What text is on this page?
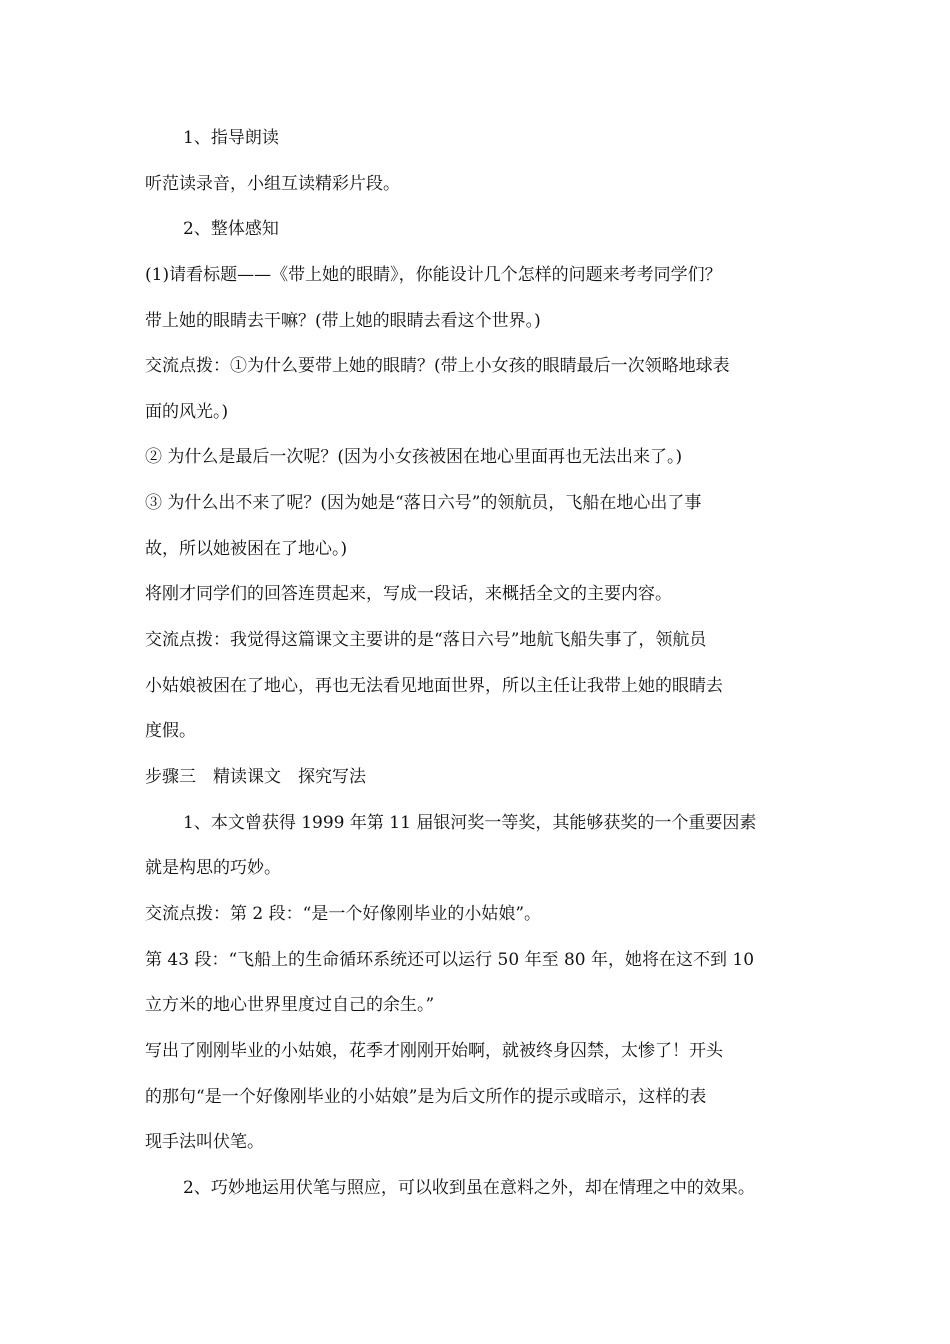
1、指导朗读
听范读录音，小组互读精彩片段。
2、整体感知
(1)请看标题——《带上她的眼睛》，你能设计几个怎样的问题来考考同学们？
带上她的眼睛去干嘛？(带上她的眼睛去看这个世界。)
交流点拨：①为什么要带上她的眼睛？(带上小女孩的眼睛最后一次领略地球表
面的风光。)
② 为什么是最后一次呢？(因为小女孩被困在地心里面再也无法出来了。)
③ 为什么出不来了呢？(因为她是“落日六号”的领航员，飞船在地心出了事
故，所以她被困在了地心。)
将刚才同学们的回答连贯起来，写成一段话，来概括全文的主要内容。
交流点拨：我觉得这篇课文主要讲的是“落日六号”地航飞船失事了，领航员
小姑娘被困在了地心，再也无法看见地面世界，所以主任让我带上她的眼睛去
度假。
步骤三　精读课文　探究写法
1、本文曾获得 1999 年第 11 届银河奖一等奖，其能够获奖的一个重要因素
就是构思的巧妙。
交流点拨：第 2 段：“是一个好像刚毕业的小姑娘”。
第 43 段：“飞船上的生命循环系统还可以运行 50 年至 80 年，她将在这不到 10
立方米的地心世界里度过自己的余生。”
写出了刚刚毕业的小姑娘，花季才刚刚开始啊，就被终身囚禁，太惨了！开头
的那句“是一个好像刚毕业的小姑娘”是为后文所作的提示或暗示，这样的表
现手法叫伏笔。
2、巧妙地运用伏笔与照应，可以收到虽在意料之外，却在情理之中的效果。
